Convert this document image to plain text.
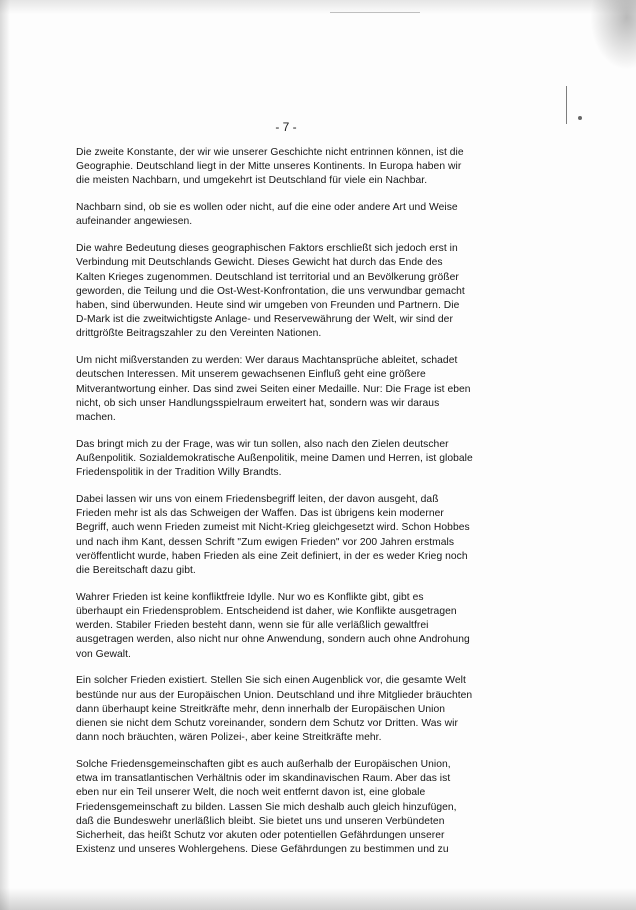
- 7 -

Die zweite Konstante, der wir wie unserer Geschichte nicht entrinnen können, ist die
Geographie. Deutschland liegt in der Mitte unseres Kontinents. In Europa haben wir
die meisten Nachbarn, und umgekehrt ist Deutschland für viele ein Nachbar.

Nachbarn sind, ob sie es wollen oder nicht, auf die eine oder andere Art und Weise
aufeinander angewiesen.

Die wahre Bedeutung dieses geographischen Faktors erschließt sich jedoch erst in
Verbindung mit Deutschlands Gewicht. Dieses Gewicht hat durch das Ende des
Kalten Krieges zugenommen. Deutschland ist territorial und an Bevölkerung größer
geworden, die Teilung und die Ost-West-Konfrontation, die uns verwundbar gemacht
haben, sind überwunden. Heute sind wir umgeben von Freunden und Partnern. Die
D-Mark ist die zweitwichtigste Anlage- und Reservewährung der Welt, wir sind der
drittgrößte Beitragszahler zu den Vereinten Nationen.

Um nicht mißverstanden zu werden: Wer daraus Machtansprüche ableitet, schadet
deutschen Interessen. Mit unserem gewachsenen Einfluß geht eine größere
Mitverantwortung einher. Das sind zwei Seiten einer Medaille. Nur: Die Frage ist eben
nicht, ob sich unser Handlungsspielraum erweitert hat, sondern was wir daraus
machen.

Das bringt mich zu der Frage, was wir tun sollen, also nach den Zielen deutscher
Außenpolitik. Sozialdemokratische Außenpolitik, meine Damen und Herren, ist globale
Friedenspolitik in der Tradition Willy Brandts.

Dabei lassen wir uns von einem Friedensbegriff leiten, der davon ausgeht, daß
Frieden mehr ist als das Schweigen der Waffen. Das ist übrigens kein moderner
Begriff, auch wenn Frieden zumeist mit Nicht-Krieg gleichgesetzt wird. Schon Hobbes
und nach ihm Kant, dessen Schrift "Zum ewigen Frieden" vor 200 Jahren erstmals
veröffentlicht wurde, haben Frieden als eine Zeit definiert, in der es weder Krieg noch
die Bereitschaft dazu gibt.

Wahrer Frieden ist keine konfliktfreie Idylle. Nur wo es Konflikte gibt, gibt es
überhaupt ein Friedensproblem. Entscheidend ist daher, wie Konflikte ausgetragen
werden. Stabiler Frieden besteht dann, wenn sie für alle verläßlich gewaltfrei
ausgetragen werden, also nicht nur ohne Anwendung, sondern auch ohne Androhung
von Gewalt.

Ein solcher Frieden existiert. Stellen Sie sich einen Augenblick vor, die gesamte Welt
bestünde nur aus der Europäischen Union. Deutschland und ihre Mitglieder bräuchten
dann überhaupt keine Streitkräfte mehr, denn innerhalb der Europäischen Union
dienen sie nicht dem Schutz voreinander, sondern dem Schutz vor Dritten. Was wir
dann noch bräuchten, wären Polizei-, aber keine Streitkräfte mehr.

Solche Friedensgemeinschaften gibt es auch außerhalb der Europäischen Union,
etwa im transatlantischen Verhältnis oder im skandinavischen Raum. Aber das ist
eben nur ein Teil unserer Welt, die noch weit entfernt davon ist, eine globale
Friedensgemeinschaft zu bilden. Lassen Sie mich deshalb auch gleich hinzufügen,
daß die Bundeswehr unerläßlich bleibt. Sie bietet uns und unseren Verbündeten
Sicherheit, das heißt Schutz vor akuten oder potentiellen Gefährdungen unserer
Existenz und unseres Wohlergehens. Diese Gefährdungen zu bestimmen und zu
